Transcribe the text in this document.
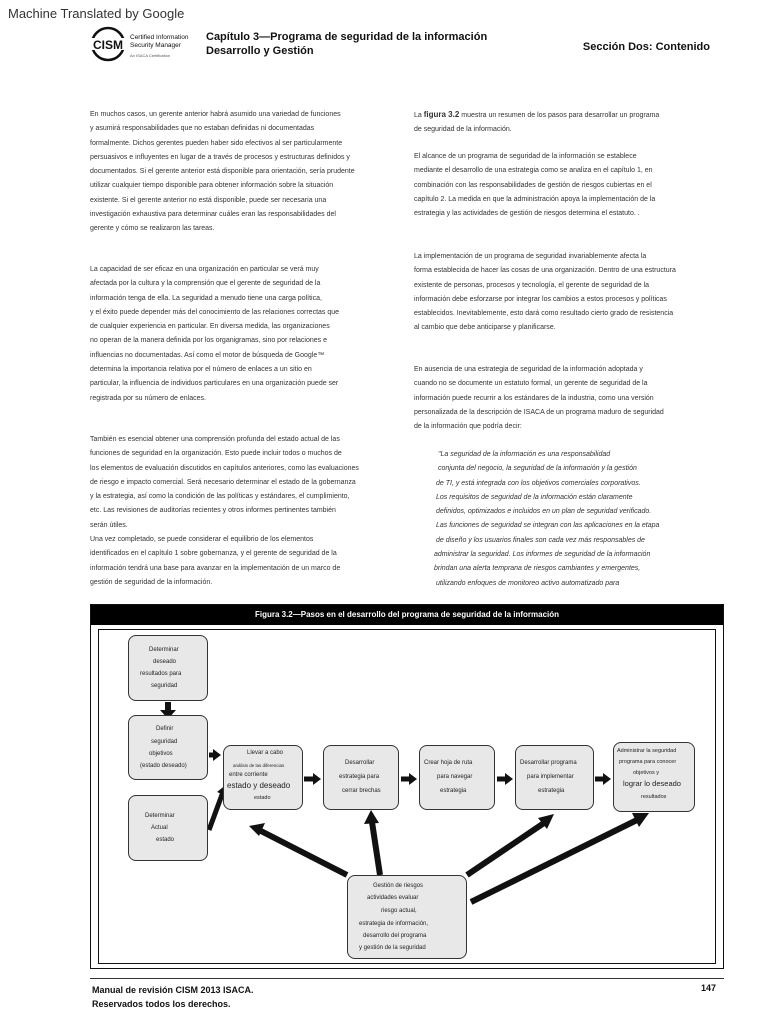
Machine Translated by Google
CISM
Certified Information
Security Manager
An ISACA Certification
Capítulo 3—Programa de seguridad de la información
Desarrollo y Gestión	Sección Dos: Contenido
En muchos casos, un gerente anterior habrá asumido una variedad de funciones
y asumirá responsabilidades que no estaban definidas ni documentadas
formalmente. Dichos gerentes pueden haber sido efectivos al ser particularmente
persuasivos e influyentes en lugar de a través de procesos y estructuras definidos y
documentados. Si el gerente anterior está disponible para orientación, sería prudente
utilizar cualquier tiempo disponible para obtener información sobre la situación
existente. Si el gerente anterior no está disponible, puede ser necesaria una
investigación exhaustiva para determinar cuáles eran las responsabilidades del
gerente y cómo se realizaron las tareas.
La capacidad de ser eficaz en una organización en particular se verá muy
afectada por la cultura y la comprensión que el gerente de seguridad de la
información tenga de ella. La seguridad a menudo tiene una carga política,
y el éxito puede depender más del conocimiento de las relaciones correctas que
de cualquier experiencia en particular. En diversa medida, las organizaciones
no operan de la manera definida por los organigramas, sino por relaciones e
influencias no documentadas. Así como el motor de búsqueda de Google™
determina la importancia relativa por el número de enlaces a un sitio en
particular, la influencia de individuos particulares en una organización puede ser
registrada por su número de enlaces.
También es esencial obtener una comprensión profunda del estado actual de las
funciones de seguridad en la organización. Esto puede incluir todos o muchos de
los elementos de evaluación discutidos en capítulos anteriores, como las evaluaciones
de riesgo e impacto comercial. Será necesario determinar el estado de la gobernanza
y la estrategia, así como la condición de las políticas y estándares, el cumplimiento,
etc. Las revisiones de auditorías recientes y otros informes pertinentes también
serán útiles.
Una vez completado, se puede considerar el equilibrio de los elementos
identificados en el capítulo 1 sobre gobernanza, y el gerente de seguridad de la
información tendrá una base para avanzar en la implementación de un marco de
gestión de seguridad de la información.
La figura 3.2 muestra un resumen de los pasos para desarrollar un programa
de seguridad de la información.
El alcance de un programa de seguridad de la información se establece
mediante el desarrollo de una estrategia como se analiza en el capítulo 1, en
combinación con las responsabilidades de gestión de riesgos cubiertas en el
capítulo 2. La medida en que la administración apoya la implementación de la
estrategia y las actividades de gestión de riesgos determina el estatuto. .
La implementación de un programa de seguridad invariablemente afecta la
forma establecida de hacer las cosas de una organización. Dentro de una estructura
existente de personas, procesos y tecnología, el gerente de seguridad de la
información debe esforzarse por integrar los cambios a estos procesos y políticas
establecidos. Inevitablemente, esto dará como resultado cierto grado de resistencia
al cambio que debe anticiparse y planificarse.
En ausencia de una estrategia de seguridad de la información adoptada y
cuando no se documente un estatuto formal, un gerente de seguridad de la
información puede recurrir a los estándares de la industria, como una versión
personalizada de la descripción de ISACA de un programa maduro de seguridad
de la información que podría decir:
"La seguridad de la información es una responsabilidad
conjunta del negocio, la seguridad de la información y la gestión
de TI, y está integrada con los objetivos comerciales corporativos.
Los requisitos de seguridad de la información están claramente
definidos, optimizados e incluidos en un plan de seguridad verificado.
Las funciones de seguridad se integran con las aplicaciones en la etapa
de diseño y los usuarios finales son cada vez más responsables de
administrar la seguridad. Los informes de seguridad de la información
brindan una alerta temprana de riesgos cambiantes y emergentes,
utilizando enfoques de monitoreo activo automatizado para
Figura 3.2—Pasos en el desarrollo del programa de seguridad de la información
Determinar
deseado
resultados para
seguridad
Definir
seguridad
objetivos
(estado deseado)
Determinar
Actual
estado
Llevar a cabo
análisis de las diferencias
entre corriente
estado y deseado
estado
Desarrollar
estrategia para
cerrar brechas
Crear hoja de ruta
para navegar
estrategia
Desarrollar programa
para implementar
estrategia
Administrar la seguridad
programa para conocer
objetivos y
lograr lo deseado
resultados
Gestión de riesgos
actividades evaluar
riesgo actual,
estrategia de información,
desarrollo del programa
y gestión de la seguridad
Manual de revisión CISM 2013 ISACA.
Reservados todos los derechos.
147
